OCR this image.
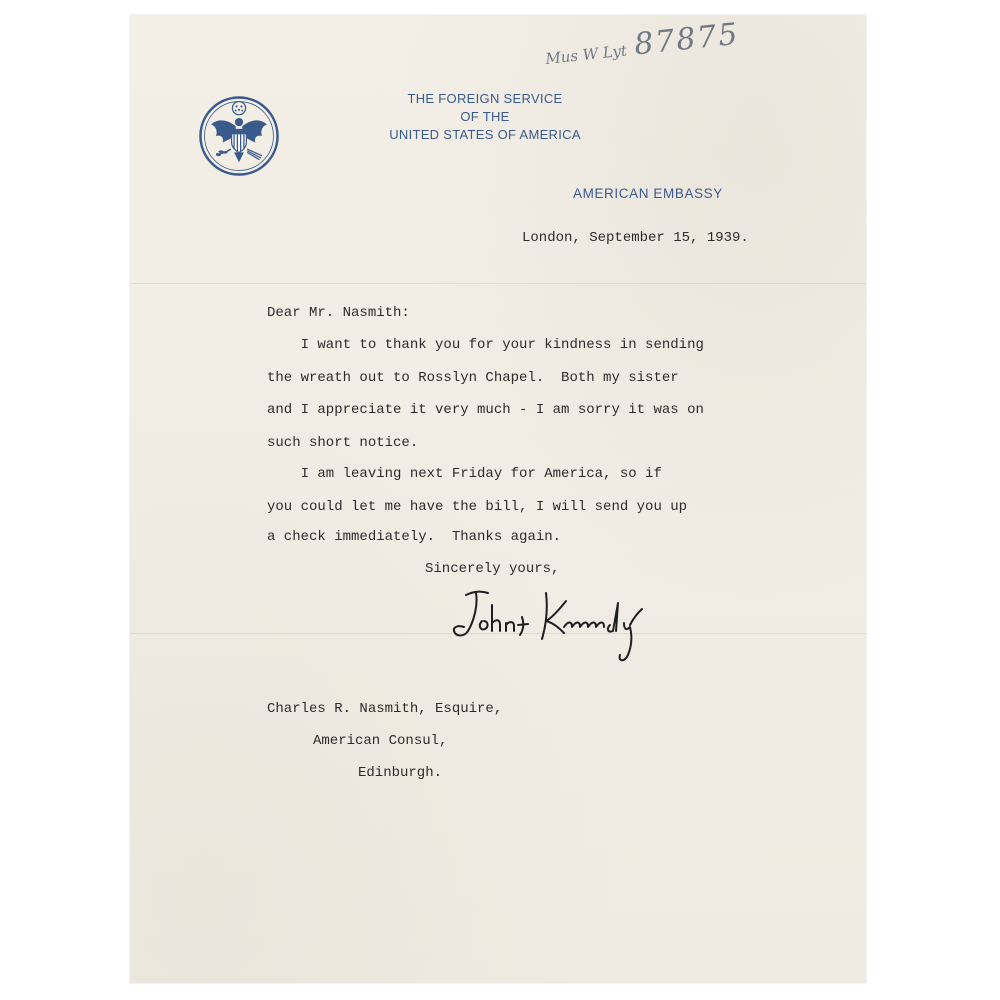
Mus W Lyt 87875
THE FOREIGN SERVICE
OF THE
UNITED STATES OF AMERICA
AMERICAN EMBASSY
London, September 15, 1939.
Dear Mr. Nasmith:
I want to thank you for your kindness in sending
the wreath out to Rosslyn Chapel.  Both my sister
and I appreciate it very much - I am sorry it was on
such short notice.
I am leaving next Friday for America, so if
you could let me have the bill, I will send you up
a check immediately.  Thanks again.
Sincerely yours,
Charles R. Nasmith, Esquire,
American Consul,
Edinburgh.
